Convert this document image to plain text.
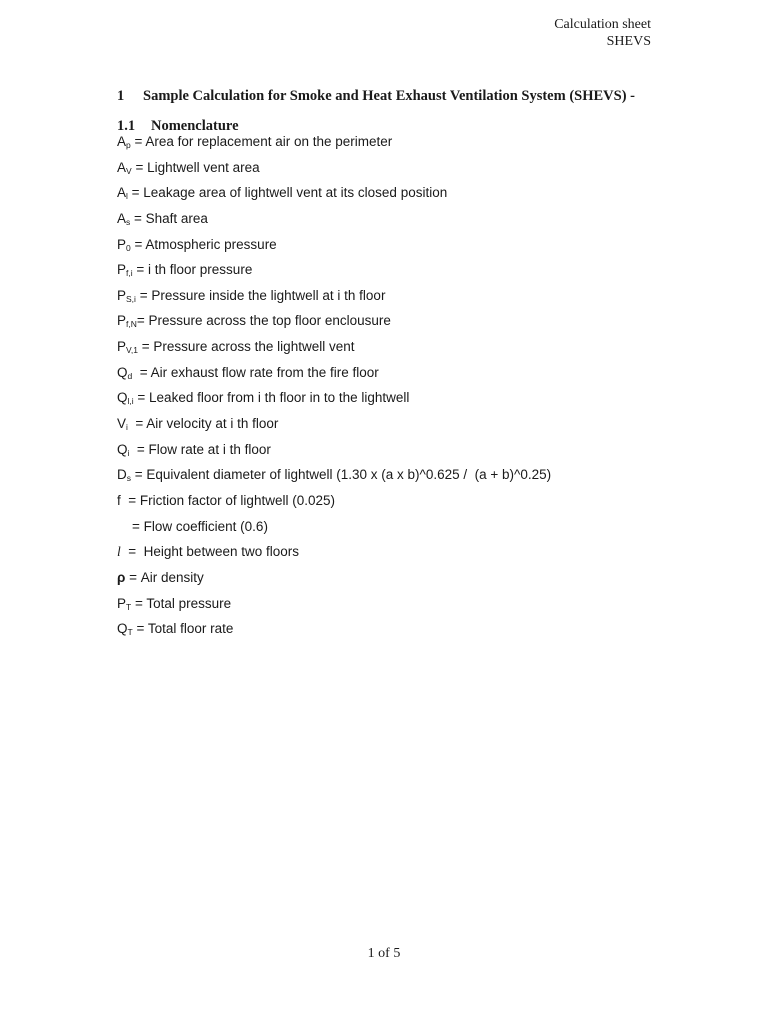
Calculation sheet
SHEVS
1 Sample Calculation for Smoke and Heat Exhaust Ventilation System (SHEVS) -
1.1 Nomenclature
$A_p$ = Area for replacement air on the perimeter
$A_V$ = Lightwell vent area
$A_l$ = Leakage area of lightwell vent at its closed position
$A_s$ = Shaft area
$P_0$ = Atmospheric pressure
$P_{f,i} = i$ th floor pressure
$P_{S,i}$ = Pressure inside the lightwell at i th floor
$P_{f,N}=$ Pressure across the top floor enclousure
$P_{V,1}$ = Pressure across the lightwell vent
$Q_d$  = Air exhaust flow rate from the fire floor
$Q_{l,i}$ = Leaked floor from i th floor in to the lightwell
$V_i$  = Air velocity at i th floor
$Q_i$  = Flow rate at i th floor
$D_s$ = Equivalent diameter of lightwell (1.30 x (a x b)^0.625 /  (a + b)^0.25)
f  = Friction factor of lightwell (0.025)
= Flow coefficient (0.6)
l  =  Height between two floors
ρ = Air density
$P_T$ = Total pressure
$Q_T$ = Total floor rate
1 of 5
